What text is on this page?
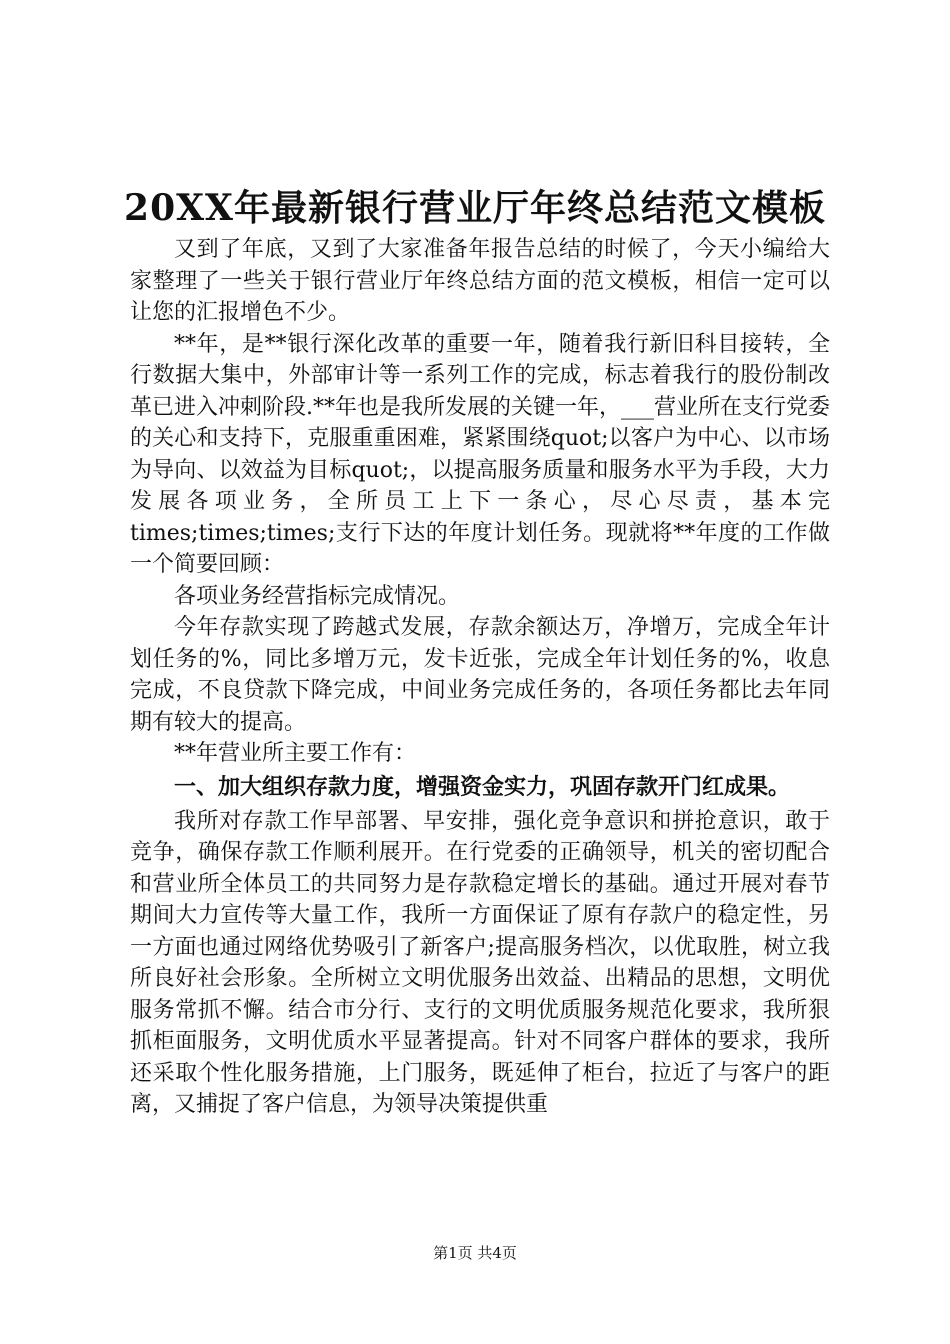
20XX年最新银行营业厅年终总结范文模板

又到了年底，又到了大家准备年报告总结的时候了，今天小编给大家整理了一些关于银行营业厅年终总结方面的范文模板，相信一定可以让您的汇报增色不少。

**年，是**银行深化改革的重要一年，随着我行新旧科目接转，全行数据大集中，外部审计等一系列工作的完成，标志着我行的股份制改革已进入冲刺阶段.**年也是我所发展的关键一年，___营业所在支行党委的关心和支持下，克服重重困难，紧紧围绕quot;以客户为中心、以市场为导向、以效益为目标quot;，以提高服务质量和服务水平为手段，大力发展各项业务，全所员工上下一条心，尽心尽责，基本完times;times;times;支行下达的年度计划任务。现就将**年度的工作做一个简要回顾：

各项业务经营指标完成情况。

今年存款实现了跨越式发展，存款余额达万，净增万，完成全年计划任务的%，同比多增万元，发卡近张，完成全年计划任务的%，收息完成，不良贷款下降完成，中间业务完成任务的，各项任务都比去年同期有较大的提高。

**年营业所主要工作有：

一、加大组织存款力度，增强资金实力，巩固存款开门红成果。

我所对存款工作早部署、早安排，强化竞争意识和拼抢意识，敢于竞争，确保存款工作顺利展开。在行党委的正确领导，机关的密切配合和营业所全体员工的共同努力是存款稳定增长的基础。通过开展对春节期间大力宣传等大量工作，我所一方面保证了原有存款户的稳定性，另一方面也通过网络优势吸引了新客户;提高服务档次，以优取胜，树立我所良好社会形象。全所树立文明优服务出效益、出精品的思想，文明优服务常抓不懈。结合市分行、支行的文明优质服务规范化要求，我所狠抓柜面服务，文明优质水平显著提高。针对不同客户群体的要求，我所还采取个性化服务措施，上门服务，既延伸了柜台，拉近了与客户的距离，又捕捉了客户信息，为领导决策提供重

第1页 共4页
